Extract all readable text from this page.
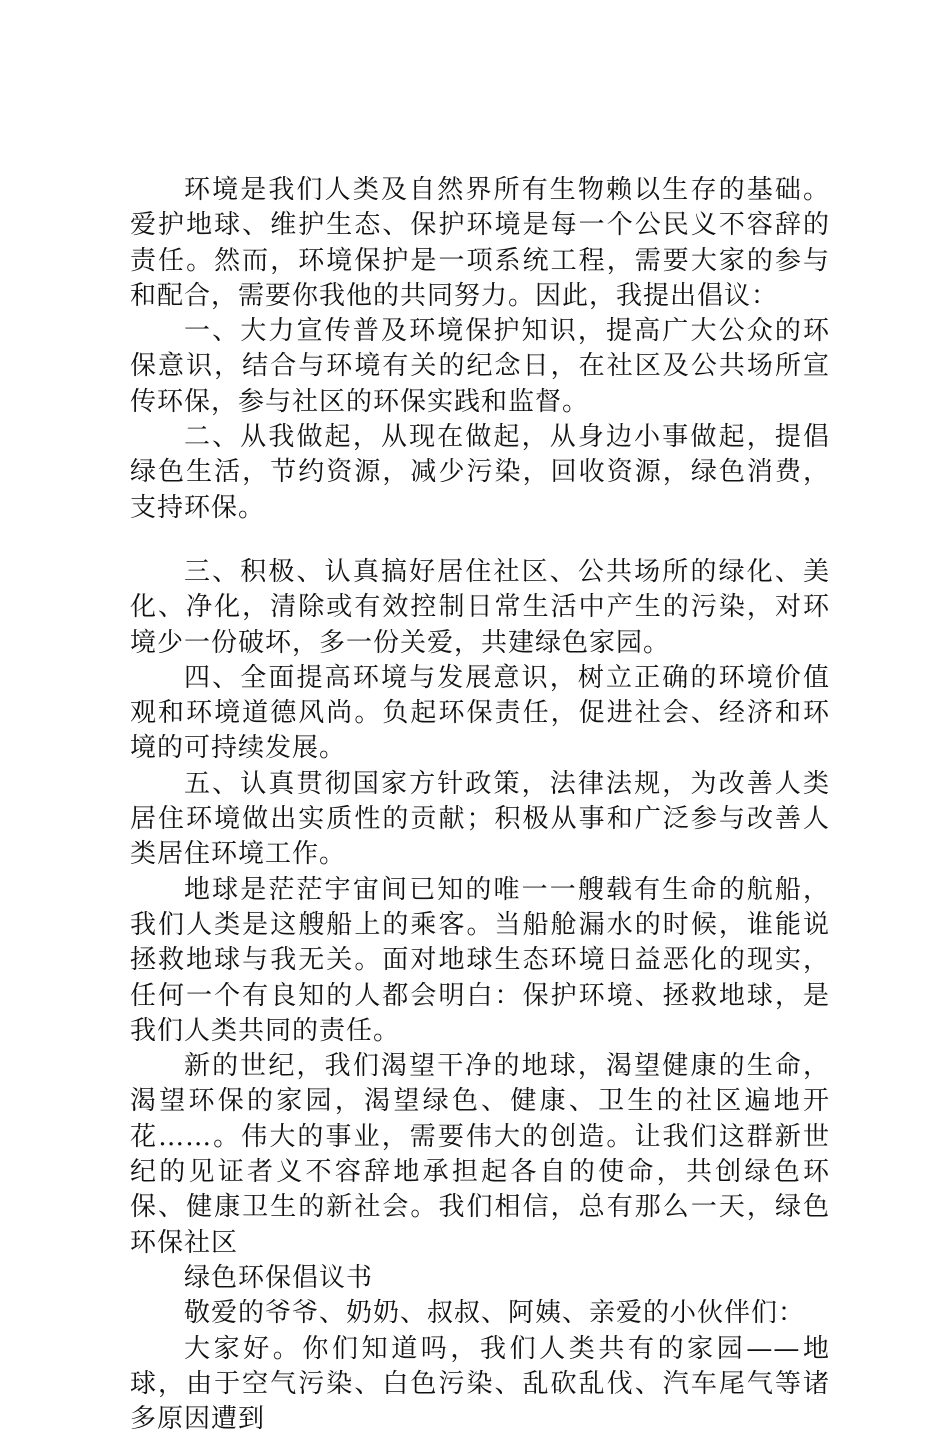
环境是我们人类及自然界所有生物赖以生存的基础。爱护地球、维护生态、保护环境是每一个公民义不容辞的责任。然而，环境保护是一项系统工程，需要大家的参与和配合，需要你我他的共同努力。因此，我提出倡议：

一、大力宣传普及环境保护知识，提高广大公众的环保意识，结合与环境有关的纪念日，在社区及公共场所宣传环保，参与社区的环保实践和监督。

二、从我做起，从现在做起，从身边小事做起，提倡绿色生活，节约资源，减少污染，回收资源，绿色消费，支持环保。

三、积极、认真搞好居住社区、公共场所的绿化、美化、净化，清除或有效控制日常生活中产生的污染，对环境少一份破坏，多一份关爱，共建绿色家园。

四、全面提高环境与发展意识，树立正确的环境价值观和环境道德风尚。负起环保责任，促进社会、经济和环境的可持续发展。

五、认真贯彻国家方针政策，法律法规，为改善人类居住环境做出实质性的贡献；积极从事和广泛参与改善人类居住环境工作。

地球是茫茫宇宙间已知的唯一一艘载有生命的航船，我们人类是这艘船上的乘客。当船舱漏水的时候，谁能说拯救地球与我无关。面对地球生态环境日益恶化的现实，任何一个有良知的人都会明白：保护环境、拯救地球，是我们人类共同的责任。

新的世纪，我们渴望干净的地球，渴望健康的生命，渴望环保的家园，渴望绿色、健康、卫生的社区遍地开花……。伟大的事业，需要伟大的创造。让我们这群新世纪的见证者义不容辞地承担起各自的使命，共创绿色环保、健康卫生的新社会。我们相信，总有那么一天，绿色环保社区

绿色环保倡议书

敬爱的爷爷、奶奶、叔叔、阿姨、亲爱的小伙伴们：

大家好。你们知道吗，我们人类共有的家园——地球，由于空气污染、白色污染、乱砍乱伐、汽车尾气等诸多原因遭到
